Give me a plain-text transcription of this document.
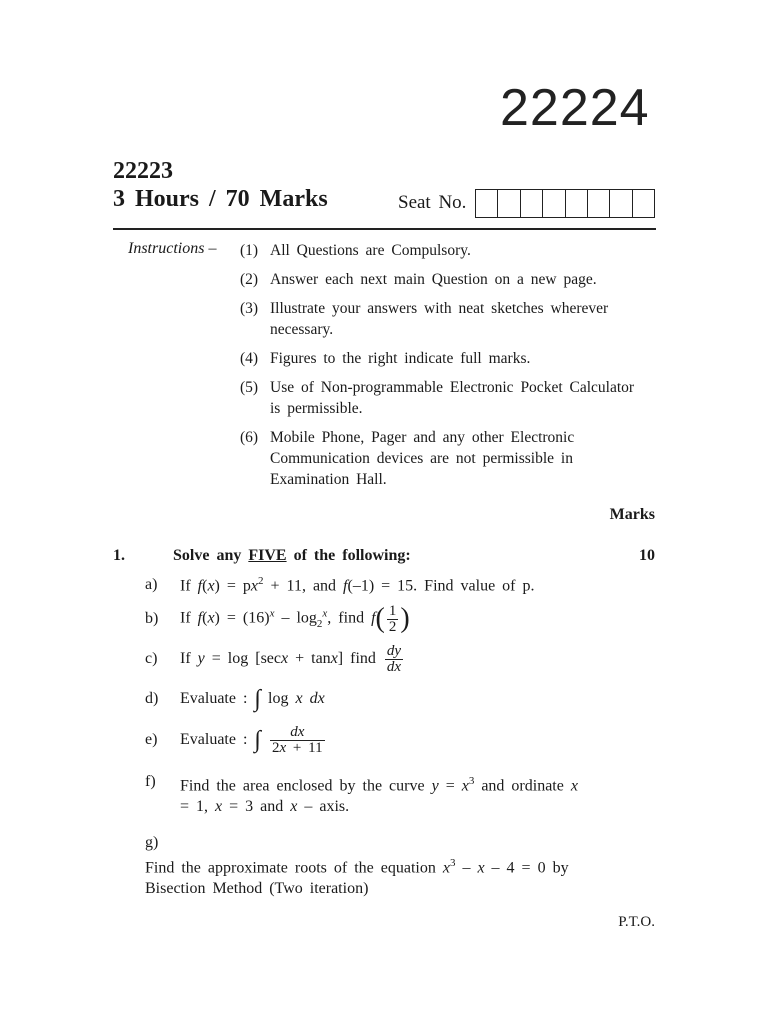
22224
22223
3 Hours / 70 Marks	Seat No.
Instructions – (1) All Questions are Compulsory.
(2) Answer each next main Question on a new page.
(3) Illustrate your answers with neat sketches wherever necessary.
(4) Figures to the right indicate full marks.
(5) Use of Non-programmable Electronic Pocket Calculator is permissible.
(6) Mobile Phone, Pager and any other Electronic Communication devices are not permissible in Examination Hall.
Marks
1.	Solve any FIVE of the following:	10
a) If $f(x) = px^2 + 11$, and f(–1) = 15. Find value of p.
b) If $f(x) = (16)^x - \log_2^x$, find $f( \frac{1}{2}$ )
c) If y = log [secx + tanx] find $\frac{dy}{dx}$
d) Evaluate : ∫ log x dx
e) Evaluate : ∫ $\frac{dx}{2x + 11}$
f) Find the area enclosed by the curve $y = x^3$ and ordinate x = 1, x = 3 and x – axis.
g) Find the approximate roots of the equation $x^3 - x - 4 = 0$ by Bisection Method (Two iteration)
P.T.O.
